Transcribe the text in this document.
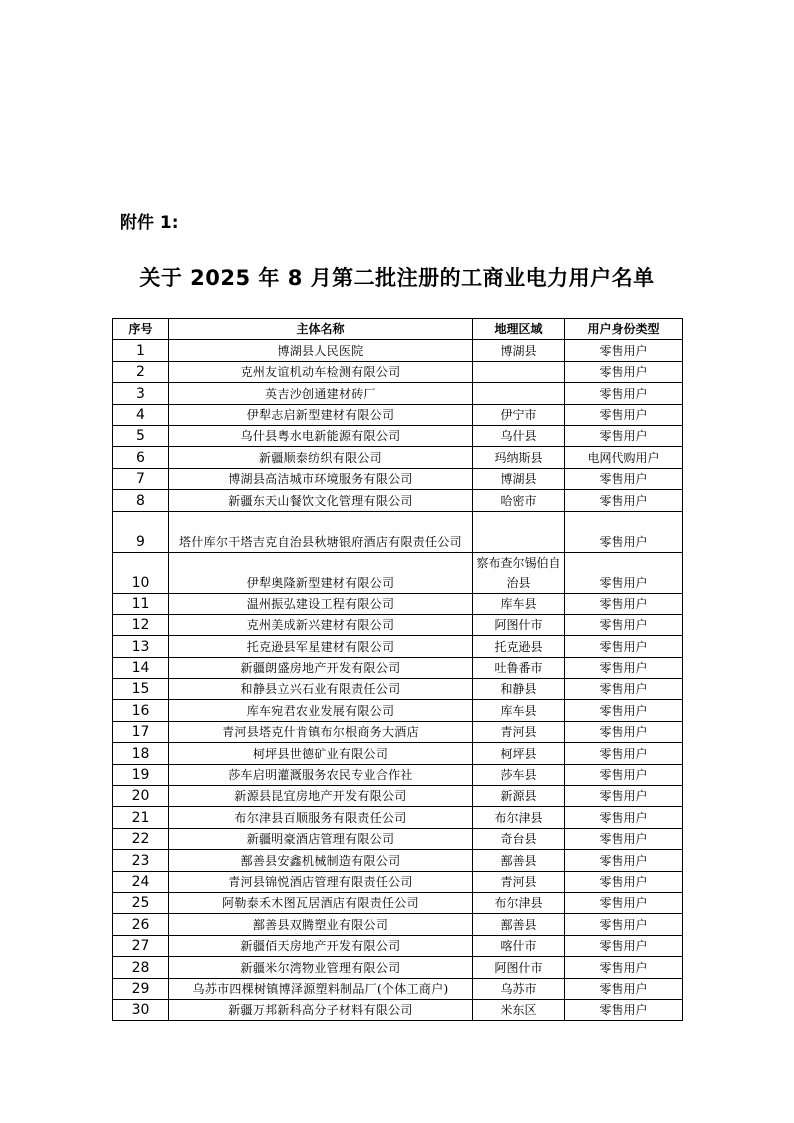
附件 1:
关于 2025 年 8 月第二批注册的工商业电力用户名单
序号	主体名称	地理区域	用户身份类型
1	博湖县人民医院	博湖县	零售用户
2	克州友谊机动车检测有限公司		零售用户
3	英吉沙创通建材砖厂		零售用户
4	伊犁志启新型建材有限公司	伊宁市	零售用户
5	乌什县粤水电新能源有限公司	乌什县	零售用户
6	新疆顺泰纺织有限公司	玛纳斯县	电网代购用户
7	博湖县高洁城市环境服务有限公司	博湖县	零售用户
8	新疆东天山餐饮文化管理有限公司	哈密市	零售用户
9	塔什库尔干塔吉克自治县秋塘银府酒店有限责任公司		零售用户
10	伊犁奥隆新型建材有限公司	察布查尔锡伯自治县	零售用户
11	温州振弘建设工程有限公司	库车县	零售用户
12	克州美成新兴建材有限公司	阿图什市	零售用户
13	托克逊县军星建材有限公司	托克逊县	零售用户
14	新疆朗盛房地产开发有限公司	吐鲁番市	零售用户
15	和静县立兴石业有限责任公司	和静县	零售用户
16	库车宛君农业发展有限公司	库车县	零售用户
17	青河县塔克什肯镇布尔根商务大酒店	青河县	零售用户
18	柯坪县世德矿业有限公司	柯坪县	零售用户
19	莎车启明灌溉服务农民专业合作社	莎车县	零售用户
20	新源县昆宜房地产开发有限公司	新源县	零售用户
21	布尔津县百顺服务有限责任公司	布尔津县	零售用户
22	新疆明豪酒店管理有限公司	奇台县	零售用户
23	鄯善县安鑫机械制造有限公司	鄯善县	零售用户
24	青河县锦悦酒店管理有限责任公司	青河县	零售用户
25	阿勒泰禾木图瓦居酒店有限责任公司	布尔津县	零售用户
26	鄯善县双腾塑业有限公司	鄯善县	零售用户
27	新疆佰天房地产开发有限公司	喀什市	零售用户
28	新疆米尔湾物业管理有限公司	阿图什市	零售用户
29	乌苏市四棵树镇博泽源塑料制品厂(个体工商户)	乌苏市	零售用户
30	新疆万邦新科高分子材料有限公司	米东区	零售用户
